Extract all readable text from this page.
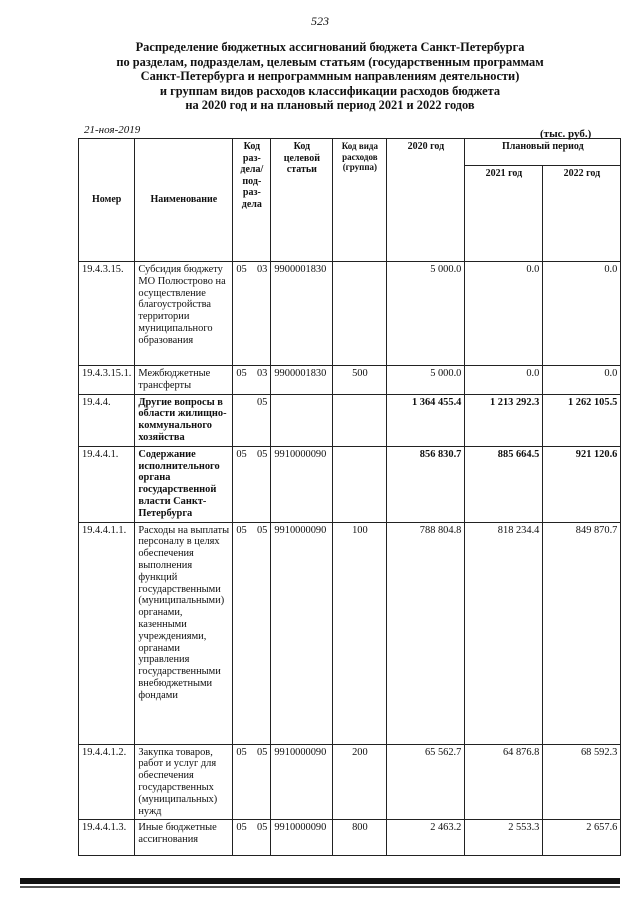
523
Распределение бюджетных ассигнований бюджета Санкт-Петербурга
по разделам, подразделам, целевым статьям (государственным программам
Санкт-Петербурга и непрограммным направлениям деятельности)
и группам видов расходов классификации расходов бюджета
на 2020 год и на плановый период 2021 и 2022 годов
21-ноя-2019	(тыс. руб.)
Номер	Наименование	Код раз-дела/ под-раз-дела	Код целевой статьи	Код вида расходов (группа)	2020 год	Плановый период	
						2021 год	2022 год
19.4.3.15.	Субсидия бюджету МО Полюстрово на осуществление благоустройства территории муниципального образования	05 03	9900001830		5 000.0	0.0	0.0
19.4.3.15.1.	Межбюджетные трансферты	05 03	9900001830	500	5 000.0	0.0	0.0
19.4.4.	Другие вопросы в области жилищно-коммунального хозяйства	05			1 364 455.4	1 213 292.3	1 262 105.5
19.4.4.1.	Содержание исполнительного органа государственной власти Санкт-Петербурга	05 05	9910000090		856 830.7	885 664.5	921 120.6
19.4.4.1.1.	Расходы на выплаты персоналу в целях обеспечения выполнения функций государственными (муниципальными) органами, казенными учреждениями, органами управления государственными внебюджетными фондами	05 05	9910000090	100	788 804.8	818 234.4	849 870.7
19.4.4.1.2.	Закупка товаров, работ и услуг для обеспечения государственных (муниципальных) нужд	05 05	9910000090	200	65 562.7	64 876.8	68 592.3
19.4.4.1.3.	Иные бюджетные ассигнования	05 05	9910000090	800	2 463.2	2 553.3	2 657.6
